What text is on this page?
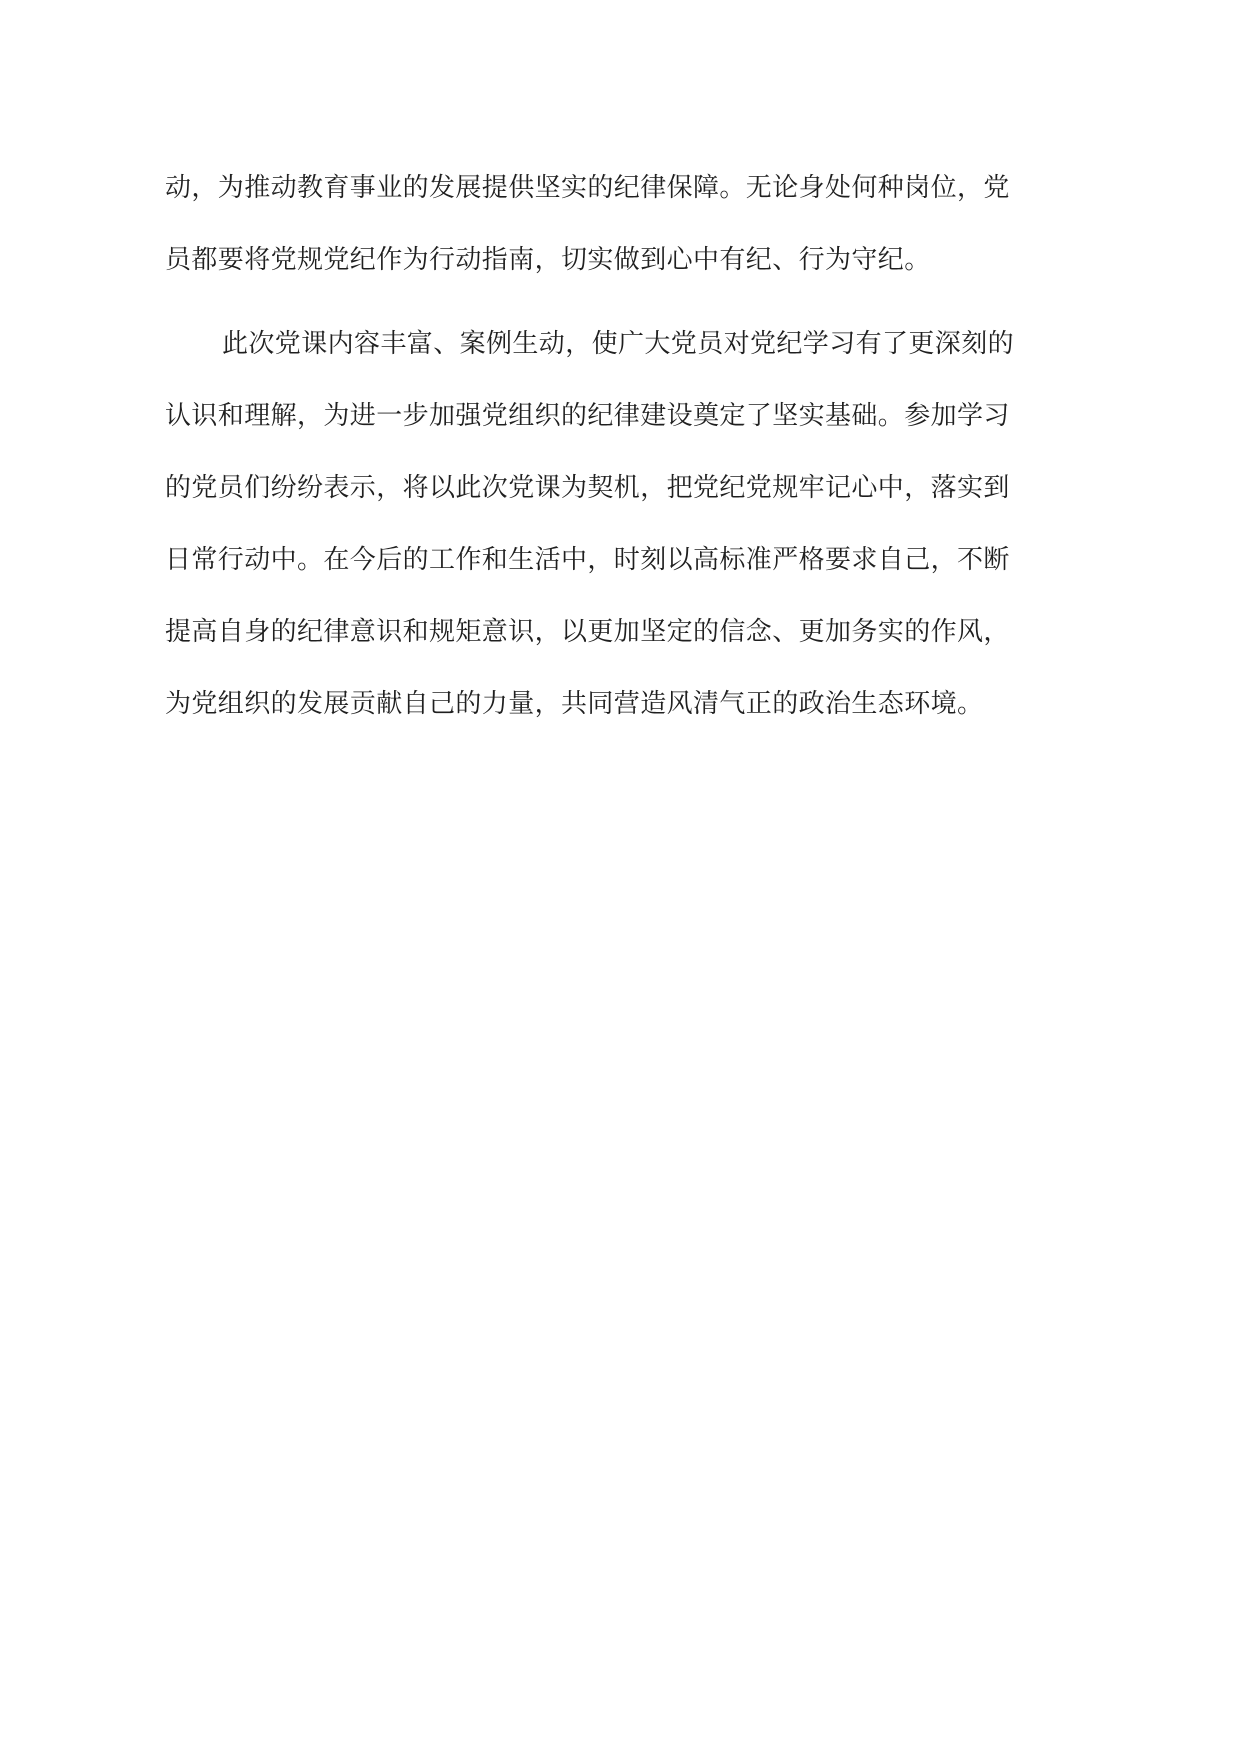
动，为推动教育事业的发展提供坚实的纪律保障。无论身处何种岗位，党
员都要将党规党纪作为行动指南，切实做到心中有纪、行为守纪。
此次党课内容丰富、案例生动，使广大党员对党纪学习有了更深刻的
认识和理解，为进一步加强党组织的纪律建设奠定了坚实基础。参加学习
的党员们纷纷表示，将以此次党课为契机，把党纪党规牢记心中，落实到
日常行动中。在今后的工作和生活中，时刻以高标准严格要求自己，不断
提高自身的纪律意识和规矩意识，以更加坚定的信念、更加务实的作风，
为党组织的发展贡献自己的力量，共同营造风清气正的政治生态环境。
